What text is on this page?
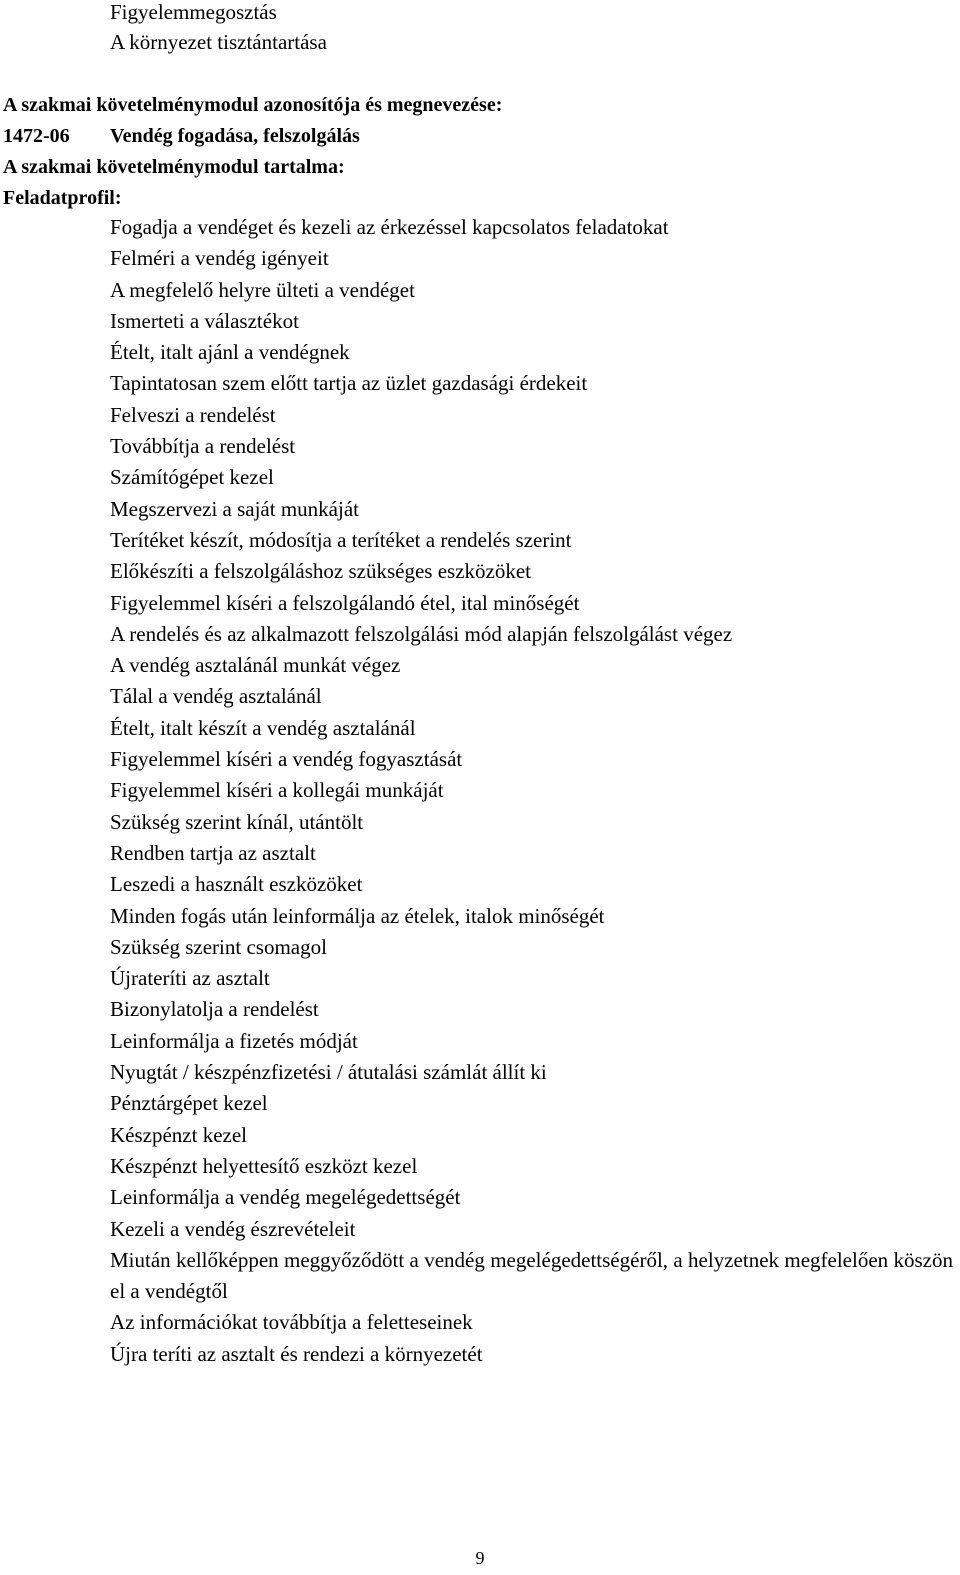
Figyelemmegosztás
A környezet tisztántartása
A szakmai követelménymodul azonosítója és megnevezése:
1472-06 Vendég fogadása, felszolgálás
A szakmai követelménymodul tartalma:
Feladatprofil:
Fogadja a vendéget és kezeli az érkezéssel kapcsolatos feladatokat
Felméri a vendég igényeit
A megfelelő helyre ülteti a vendéget
Ismerteti a választékot
Ételt, italt ajánl a vendégnek
Tapintatosan szem előtt tartja az üzlet gazdasági érdekeit
Felveszi a rendelést
Továbbítja a rendelést
Számítógépet kezel
Megszervezi a saját munkáját
Terítéket készít, módosítja a terítéket a rendelés szerint
Előkészíti a felszolgáláshoz szükséges eszközöket
Figyelemmel kíséri a felszolgálandó étel, ital minőségét
A rendelés és az alkalmazott felszolgálási mód alapján felszolgálást végez
A vendég asztalánál munkát végez
Tálal a vendég asztalánál
Ételt, italt készít a vendég asztalánál
Figyelemmel kíséri a vendég fogyasztását
Figyelemmel kíséri a kollegái munkáját
Szükség szerint kínál, utántölt
Rendben tartja az asztalt
Leszedi a használt eszközöket
Minden fogás után leinformálja az ételek, italok minőségét
Szükség szerint csomagol
Újrateríti az asztalt
Bizonylatolja a rendelést
Leinformálja a fizetés módját
Nyugtát / készpénzfizetési / átutalási számlát állít ki
Pénztárgépet kezel
Készpénzt kezel
Készpénzt helyettesítő eszközt kezel
Leinformálja a vendég megelégedettségét
Kezeli a vendég észrevételeit
Miután kellőképpen meggyőződött a vendég megelégedettségéről, a helyzetnek megfelelően köszön el a vendégtől
Az információkat továbbítja a feletteseinek
Újra teríti az asztalt és rendezi a környezetét
9
